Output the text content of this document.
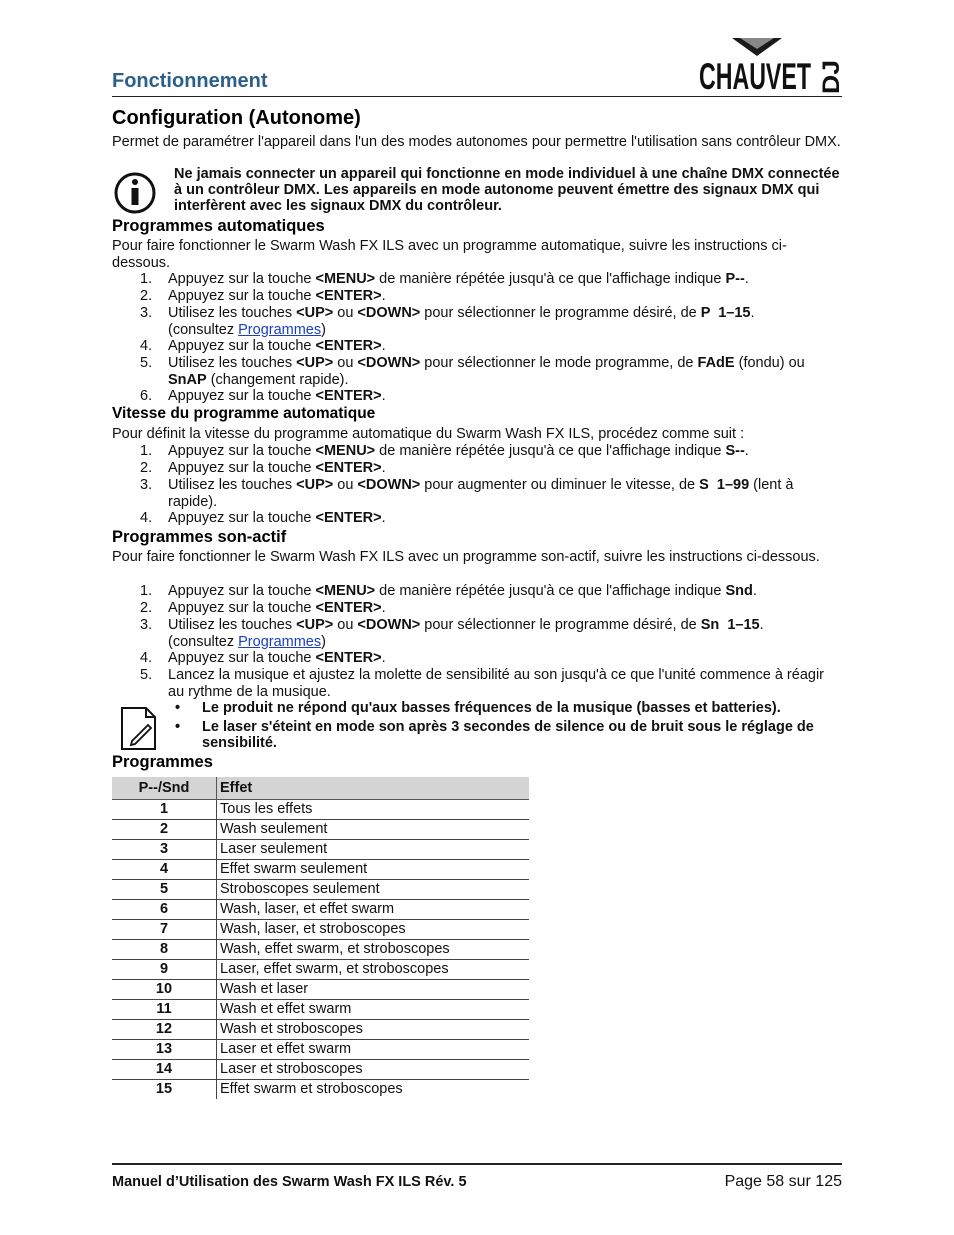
Fonctionnement	CHAUVET DJ
Configuration (Autonome)
Permet de paramétrer l'appareil dans l'un des modes autonomes pour permettre l'utilisation sans contrôleur DMX.
Ne jamais connecter un appareil qui fonctionne en mode individuel à une chaîne DMX connectée à un contrôleur DMX. Les appareils en mode autonome peuvent émettre des signaux DMX qui interfèrent avec les signaux DMX du contrôleur.
Programmes automatiques
Pour faire fonctionner le Swarm Wash FX ILS avec un programme automatique, suivre les instructions ci-dessous.
1. Appuyez sur la touche <MENU> de manière répétée jusqu'à ce que l'affichage indique P--.
2. Appuyez sur la touche <ENTER>.
3. Utilisez les touches <UP> ou <DOWN> pour sélectionner le programme désiré, de P  1–15.
(consultez Programmes)
4. Appuyez sur la touche <ENTER>.
5. Utilisez les touches <UP> ou <DOWN> pour sélectionner le mode programme, de FAdE (fondu) ou SnAP (changement rapide).
6. Appuyez sur la touche <ENTER>.
Vitesse du programme automatique
Pour définit la vitesse du programme automatique du Swarm Wash FX ILS, procédez comme suit :
1. Appuyez sur la touche <MENU> de manière répétée jusqu'à ce que l'affichage indique S--.
2. Appuyez sur la touche <ENTER>.
3. Utilisez les touches <UP> ou <DOWN> pour augmenter ou diminuer le vitesse, de S  1–99 (lent à rapide).
4. Appuyez sur la touche <ENTER>.
Programmes son-actif
Pour faire fonctionner le Swarm Wash FX ILS avec un programme son-actif, suivre les instructions ci-dessous.
1. Appuyez sur la touche <MENU> de manière répétée jusqu'à ce que l'affichage indique Snd.
2. Appuyez sur la touche <ENTER>.
3. Utilisez les touches <UP> ou <DOWN> pour sélectionner le programme désiré, de Sn  1–15.
(consultez Programmes)
4. Appuyez sur la touche <ENTER>.
5. Lancez la musique et ajustez la molette de sensibilité au son jusqu'à ce que l'unité commence à réagir au rythme de la musique.
• Le produit ne répond qu'aux basses fréquences de la musique (basses et batteries).
• Le laser s'éteint en mode son après 3 secondes de silence ou de bruit sous le réglage de sensibilité.
Programmes
P--/Snd	Effet
1	Tous les effets
2	Wash seulement
3	Laser seulement
4	Effet swarm seulement
5	Stroboscopes seulement
6	Wash, laser, et effet swarm
7	Wash, laser, et stroboscopes
8	Wash, effet swarm, et stroboscopes
9	Laser, effet swarm, et stroboscopes
10	Wash et laser
11	Wash et effet swarm
12	Wash et stroboscopes
13	Laser et effet swarm
14	Laser et stroboscopes
15	Effet swarm et stroboscopes
Manuel d’Utilisation des Swarm Wash FX ILS Rév. 5	Page 58 sur 125
